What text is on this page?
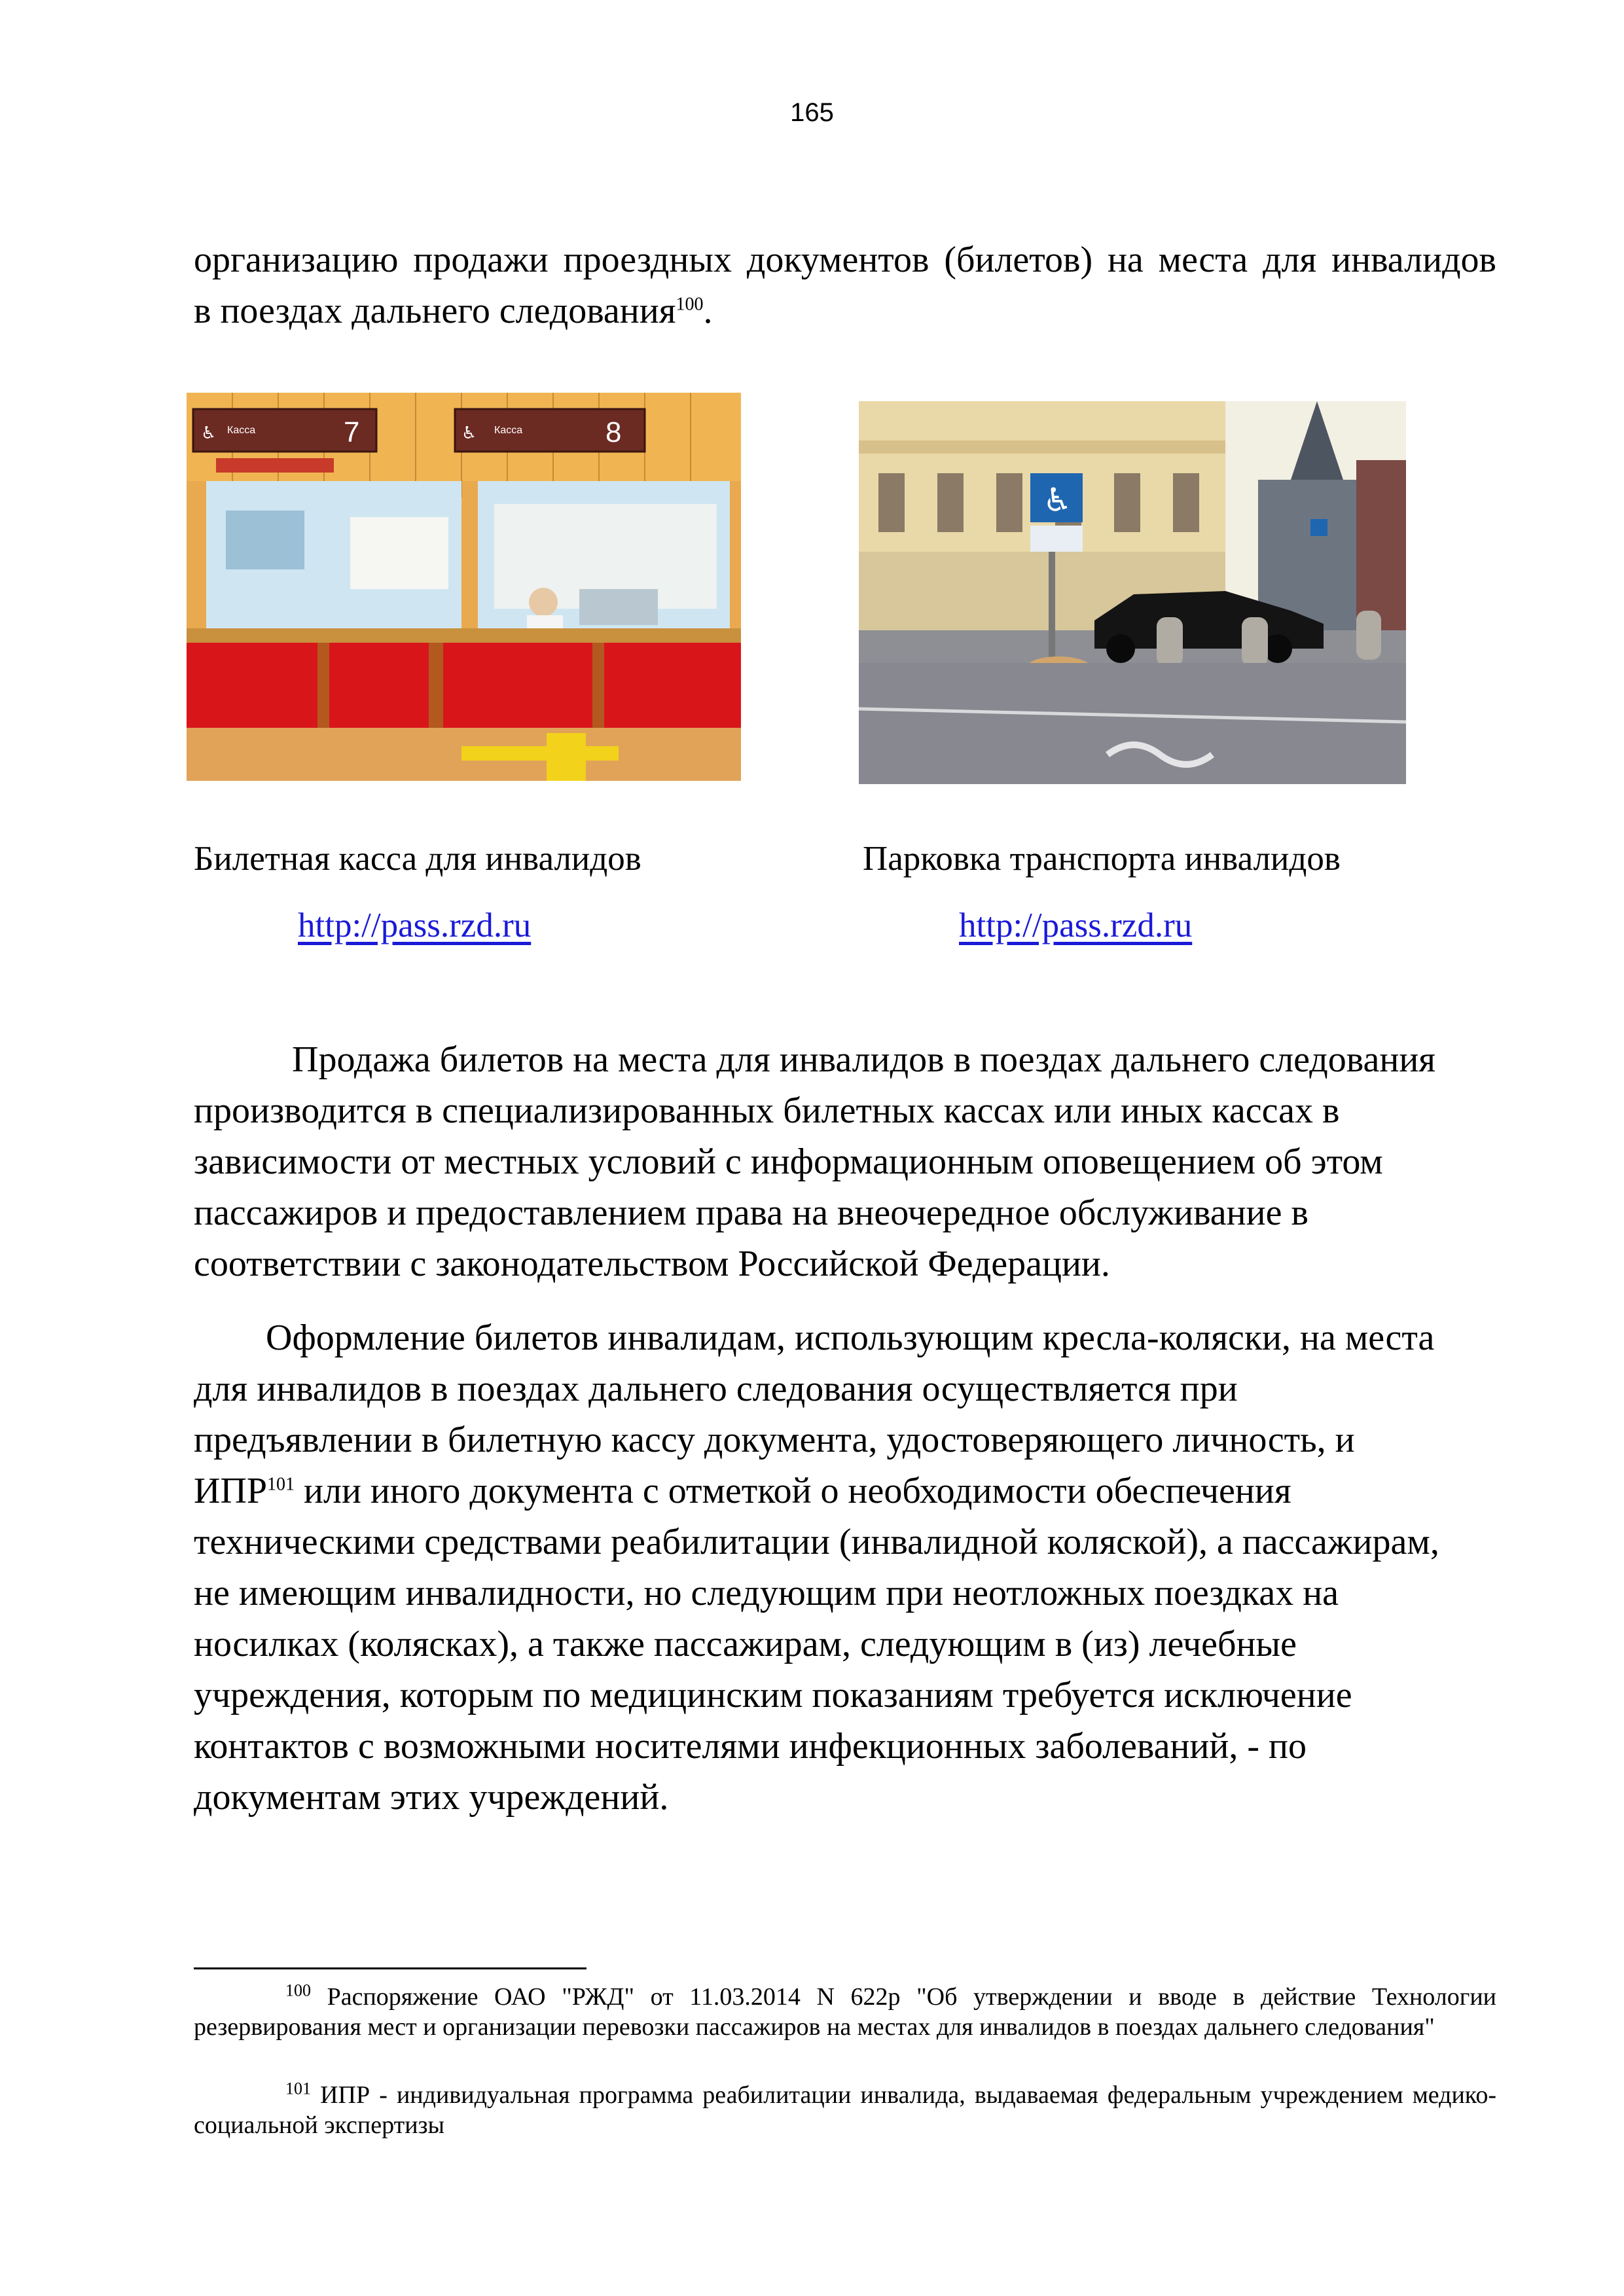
165
организацию продажи проездных документов (билетов) на места для инвалидов
в поездах дальнего следования$^{100}$.
♿ Касса	7	♿ Касса	8
♿
Билетная касса для инвалидов	Парковка транспорта инвалидов
http://pass.rzd.ru	http://pass.rzd.ru
Продажа билетов на места для инвалидов в поездах дальнего следования
производится в специализированных билетных кассах или иных кассах в
зависимости от местных условий с информационным оповещением об этом
пассажиров и предоставлением права на внеочередное обслуживание в
соответствии с законодательством Российской Федерации.
Оформление билетов инвалидам, использующим кресла-коляски, на места
для инвалидов в поездах дальнего следования осуществляется при
предъявлении в билетную кассу документа, удостоверяющего личность, и
ИПР$^{101}$ или иного документа с отметкой о необходимости обеспечения
техническими средствами реабилитации (инвалидной коляской), а пассажирам,
не имеющим инвалидности, но следующим при неотложных поездках на
носилках (колясках), а также пассажирам, следующим в (из) лечебные
учреждения, которым по медицинским показаниям требуется исключение
контактов с возможными носителями инфекционных заболеваний, - по
документам этих учреждений.
$^{100}$ Распоряжение ОАО "РЖД" от 11.03.2014 N 622р "Об утверждении и вводе в действие Технологии резервирования мест и организации перевозки пассажиров на местах для инвалидов в поездах дальнего следования"
$^{101}$ ИПР - индивидуальная программа реабилитации инвалида, выдаваемая федеральным учреждением медико-социальной экспертизы
